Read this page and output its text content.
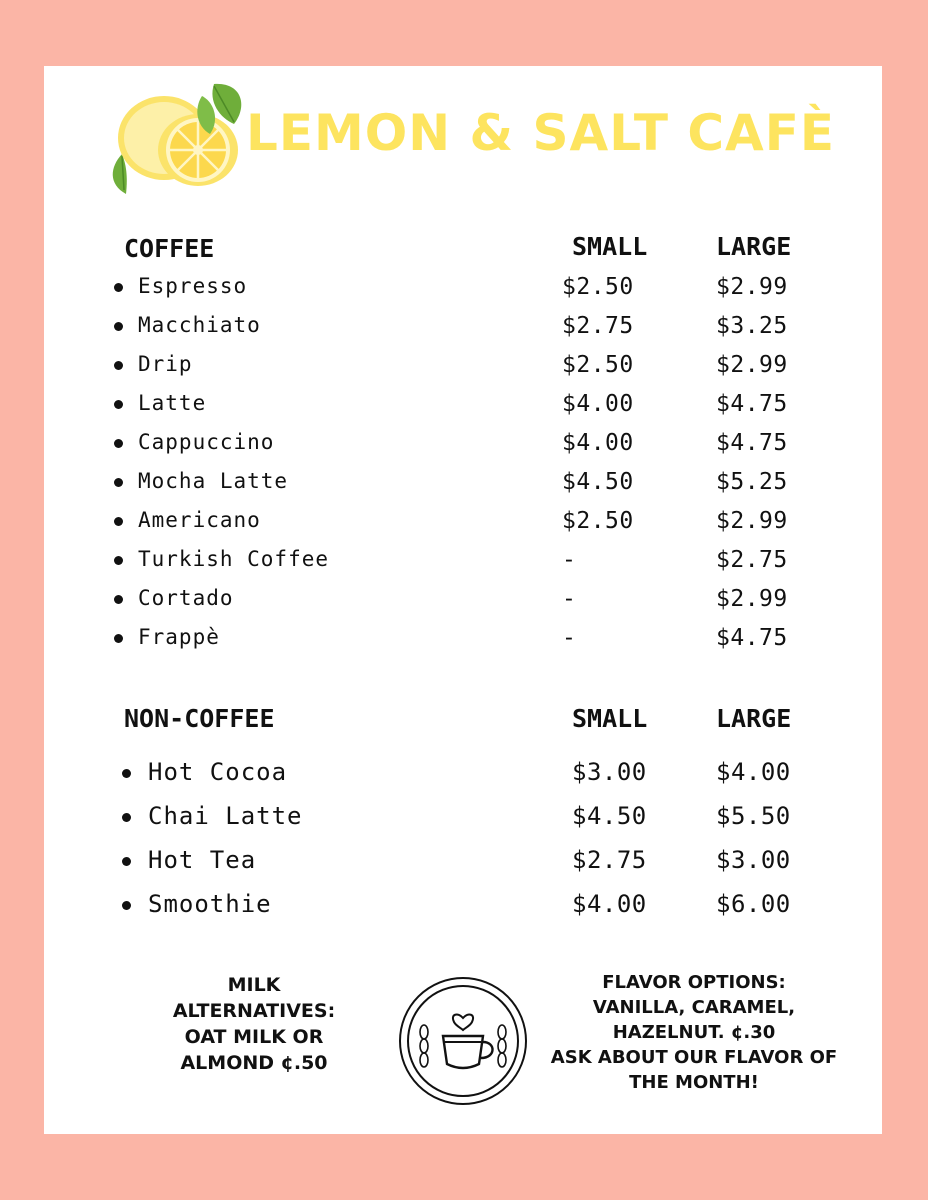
LEMON & SALT CAFÈ
COFFEE	SMALL	LARGE
Espresso	$2.50	$2.99
Macchiato	$2.75	$3.25
Drip	$2.50	$2.99
Latte	$4.00	$4.75
Cappuccino	$4.00	$4.75
Mocha Latte	$4.50	$5.25
Americano	$2.50	$2.99
Turkish Coffee	-	$2.75
Cortado	-	$2.99
Frappè	-	$4.75
NON-COFFEE	SMALL	LARGE
Hot Cocoa	$3.00	$4.00
Chai Latte	$4.50	$5.50
Hot Tea	$2.75	$3.00
Smoothie	$4.00	$6.00
MILK
ALTERNATIVES:
OAT MILK OR
ALMOND ¢.50
FLAVOR OPTIONS:
VANILLA, CARAMEL,
HAZELNUT. ¢.30
ASK ABOUT OUR FLAVOR OF
THE MONTH!
